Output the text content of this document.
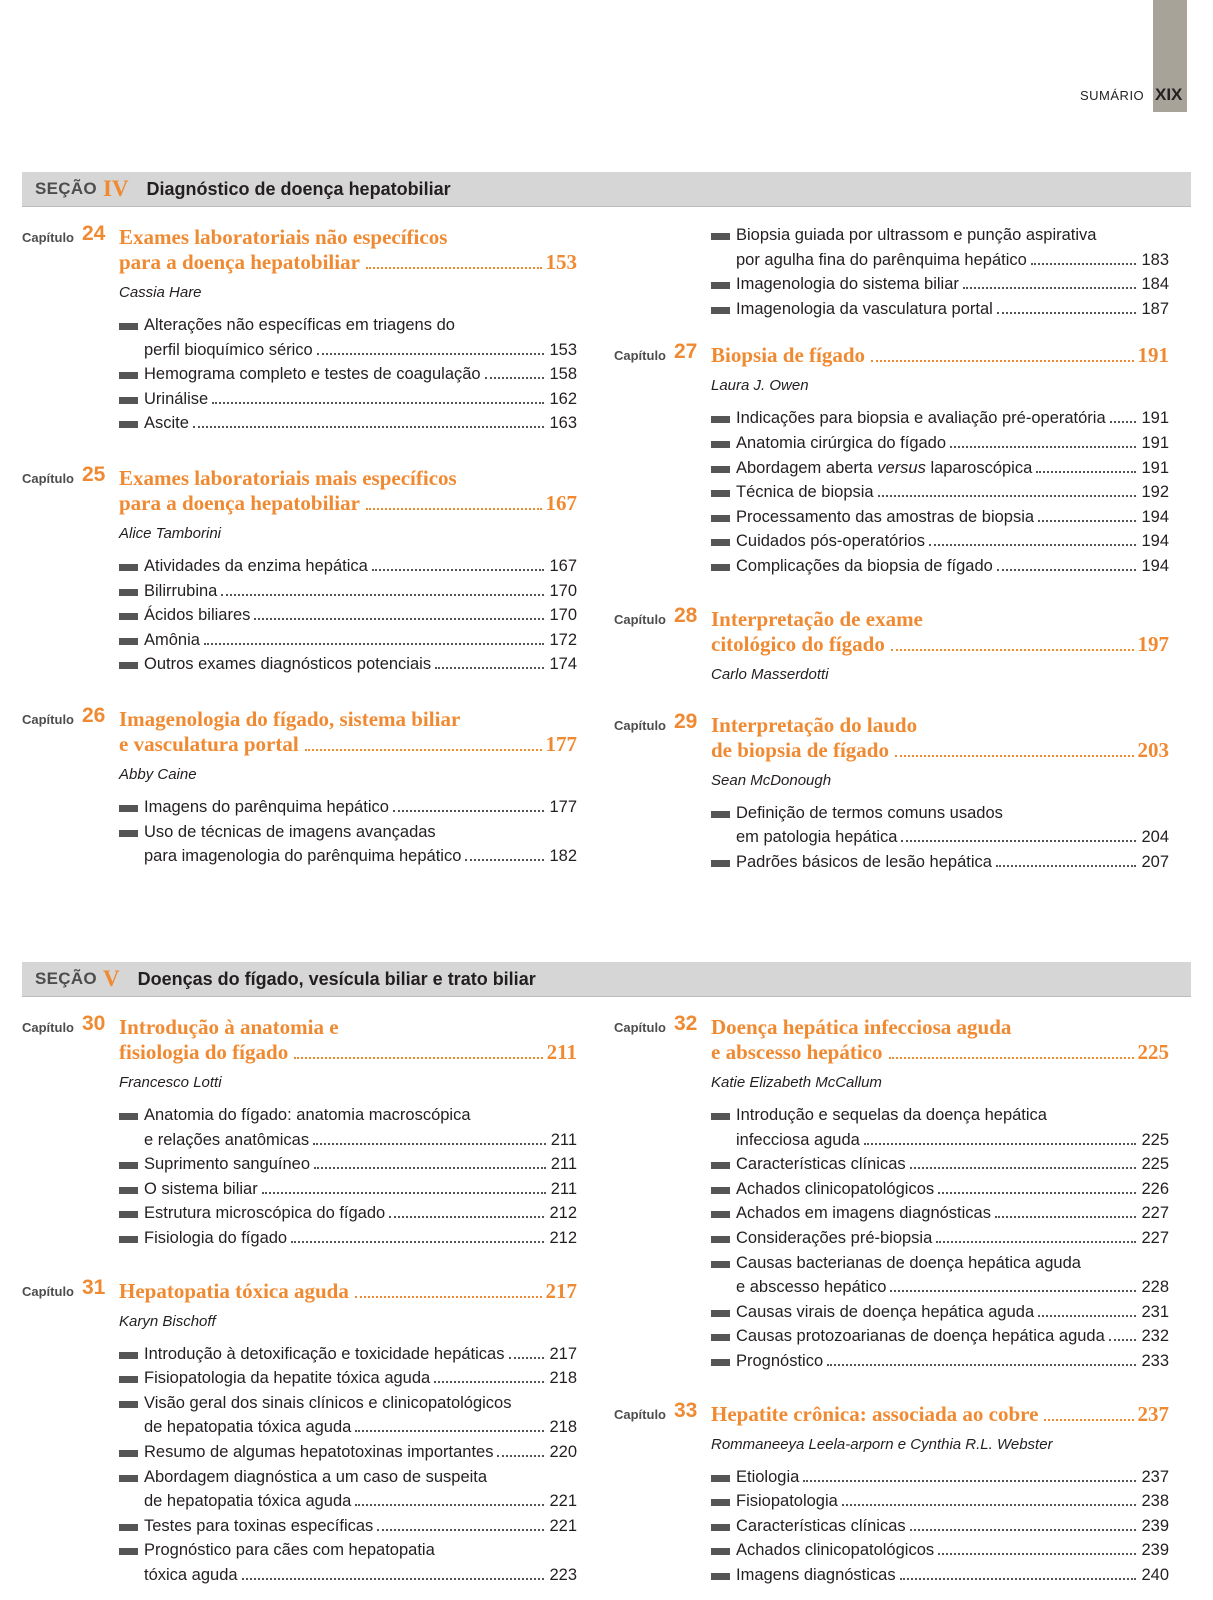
SUMÁRIO XIX
SEÇÃO IV Diagnóstico de doença hepatobiliar
Capítulo 24 Exames laboratoriais não específicos
para a doença hepatobiliar	153
Cassia Hare
Alterações não específicas em triagens do
perfil bioquímico sérico	153
Hemograma completo e testes de coagulação	158
Urinálise	162
Ascite	163
Capítulo 25 Exames laboratoriais mais específicos
para a doença hepatobiliar	167
Alice Tamborini
Atividades da enzima hepática	167
Bilirrubina	170
Ácidos biliares	170
Amônia	172
Outros exames diagnósticos potenciais	174
Capítulo 26 Imagenologia do fígado, sistema biliar
e vasculatura portal	177
Abby Caine
Imagens do parênquima hepático	177
Uso de técnicas de imagens avançadas
para imagenologia do parênquima hepático	182
Biopsia guiada por ultrassom e punção aspirativa
por agulha fina do parênquima hepático	183
Imagenologia do sistema biliar	184
Imagenologia da vasculatura portal	187
Capítulo 27 Biopsia de fígado	191
Laura J. Owen
Indicações para biopsia e avaliação pré-operatória 191
Anatomia cirúrgica do fígado	191
Abordagem aberta versus laparoscópica	191
Técnica de biopsia	192
Processamento das amostras de biopsia	194
Cuidados pós-operatórios	194
Complicações da biopsia de fígado	194
Capítulo 28 Interpretação de exame
citológico do fígado	197
Carlo Masserdotti
Capítulo 29 Interpretação do laudo
de biopsia de fígado	203
Sean McDonough
Definição de termos comuns usados
em patologia hepática	204
Padrões básicos de lesão hepática	207
SEÇÃO V Doenças do fígado, vesícula biliar e trato biliar
Capítulo 30 Introdução à anatomia e
fisiologia do fígado	211
Francesco Lotti
Anatomia do fígado: anatomia macroscópica
e relações anatômicas	211
Suprimento sanguíneo	211
O sistema biliar	211
Estrutura microscópica do fígado	212
Fisiologia do fígado	212
Capítulo 31 Hepatopatia tóxica aguda	217
Karyn Bischoff
Introdução à detoxificação e toxicidade hepáticas	217
Fisiopatologia da hepatite tóxica aguda	218
Visão geral dos sinais clínicos e clinicopatológicos
de hepatopatia tóxica aguda	218
Resumo de algumas hepatotoxinas importantes	220
Abordagem diagnóstica a um caso de suspeita
de hepatopatia tóxica aguda	221
Testes para toxinas específicas	221
Prognóstico para cães com hepatopatia
tóxica aguda	223
Capítulo 32 Doença hepática infecciosa aguda
e abscesso hepático	225
Katie Elizabeth McCallum
Introdução e sequelas da doença hepática
infecciosa aguda	225
Características clínicas	225
Achados clinicopatológicos	226
Achados em imagens diagnósticas	227
Considerações pré-biopsia	227
Causas bacterianas de doença hepática aguda
e abscesso hepático	228
Causas virais de doença hepática aguda	231
Causas protozoarianas de doença hepática aguda 232
Prognóstico	233
Capítulo 33 Hepatite crônica: associada ao cobre	237
Rommaneeya Leela-arporn e Cynthia R.L. Webster
Etiologia	237
Fisiopatologia	238
Características clínicas	239
Achados clinicopatológicos	239
Imagens diagnósticas	240
